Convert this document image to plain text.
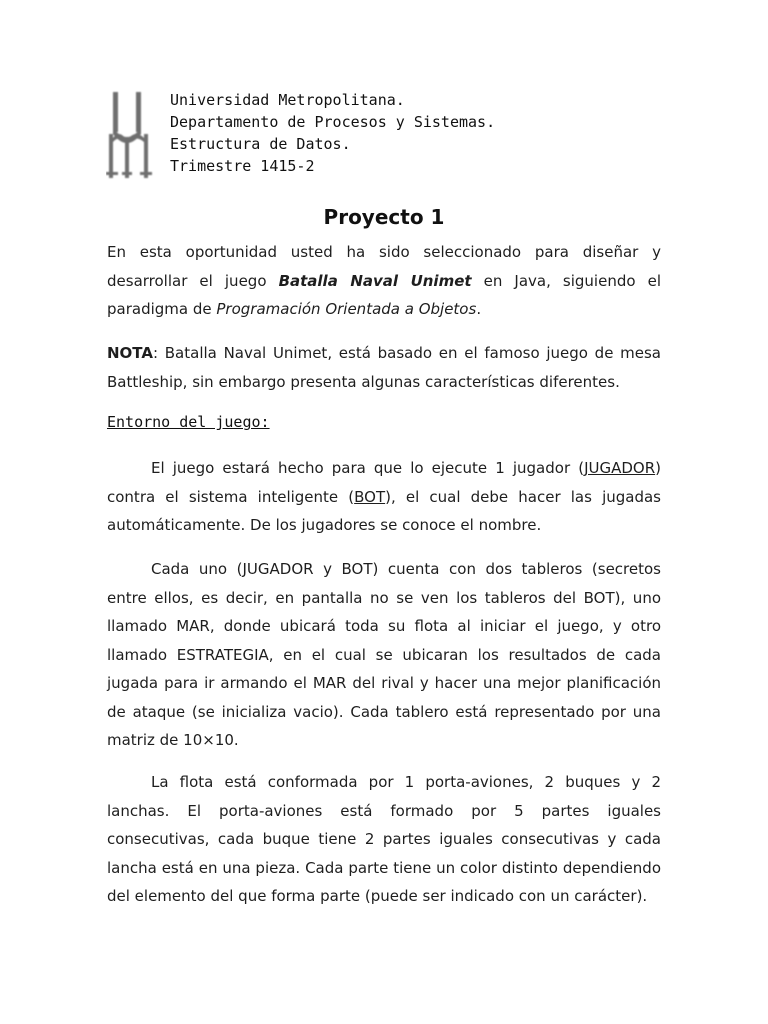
Universidad Metropolitana.
Departamento de Procesos y Sistemas.
Estructura de Datos.
Trimestre 1415-2
Proyecto 1
En esta oportunidad usted ha sido seleccionado para diseñar y
desarrollar el juego Batalla Naval Unimet en Java, siguiendo el
paradigma de Programación Orientada a Objetos.
NOTA: Batalla Naval Unimet, está basado en el famoso juego de mesa
Battleship, sin embargo presenta algunas características diferentes.
Entorno del juego:
El juego estará hecho para que lo ejecute 1 jugador (JUGADOR)
contra el sistema inteligente (BOT), el cual debe hacer las jugadas
automáticamente. De los jugadores se conoce el nombre.
Cada uno (JUGADOR y BOT) cuenta con dos tableros (secretos
entre ellos, es decir, en pantalla no se ven los tableros del BOT), uno
llamado MAR, donde ubicará toda su flota al iniciar el juego, y otro
llamado ESTRATEGIA, en el cual se ubicaran los resultados de cada
jugada para ir armando el MAR del rival y hacer una mejor planificación
de ataque (se inicializa vacio). Cada tablero está representado por una
matriz de 10×10.
La flota está conformada por 1 porta-aviones, 2 buques y 2
lanchas. El porta-aviones está formado por 5 partes iguales
consecutivas, cada buque tiene 2 partes iguales consecutivas y cada
lancha está en una pieza. Cada parte tiene un color distinto dependiendo
del elemento del que forma parte (puede ser indicado con un carácter).
